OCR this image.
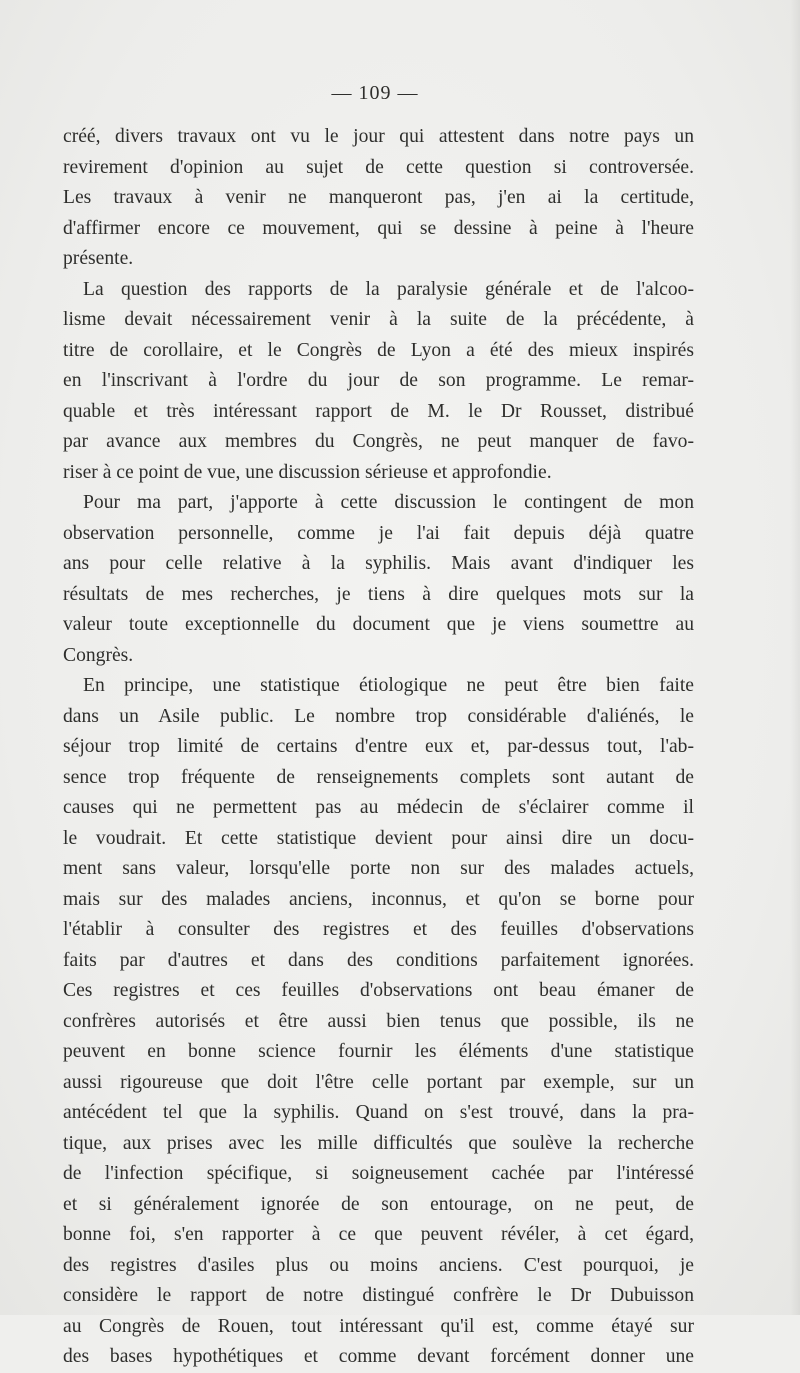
— 109 —
créé, divers travaux ont vu le jour qui attestent dans notre pays un
revirement d'opinion au sujet de cette question si controversée.
Les travaux à venir ne manqueront pas, j'en ai la certitude,
d'affirmer encore ce mouvement, qui se dessine à peine à l'heure
présente.
La question des rapports de la paralysie générale et de l'alcoo-
lisme devait nécessairement venir à la suite de la précédente, à
titre de corollaire, et le Congrès de Lyon a été des mieux inspirés
en l'inscrivant à l'ordre du jour de son programme. Le remar-
quable et très intéressant rapport de M. le Dr Rousset, distribué
par avance aux membres du Congrès, ne peut manquer de favo-
riser à ce point de vue, une discussion sérieuse et approfondie.
Pour ma part, j'apporte à cette discussion le contingent de mon
observation personnelle, comme je l'ai fait depuis déjà quatre
ans pour celle relative à la syphilis. Mais avant d'indiquer les
résultats de mes recherches, je tiens à dire quelques mots sur la
valeur toute exceptionnelle du document que je viens soumettre au
Congrès.
En principe, une statistique étiologique ne peut être bien faite
dans un Asile public. Le nombre trop considérable d'aliénés, le
séjour trop limité de certains d'entre eux et, par-dessus tout, l'ab-
sence trop fréquente de renseignements complets sont autant de
causes qui ne permettent pas au médecin de s'éclairer comme il
le voudrait. Et cette statistique devient pour ainsi dire un docu-
ment sans valeur, lorsqu'elle porte non sur des malades actuels,
mais sur des malades anciens, inconnus, et qu'on se borne pour
l'établir à consulter des registres et des feuilles d'observations
faits par d'autres et dans des conditions parfaitement ignorées.
Ces registres et ces feuilles d'observations ont beau émaner de
confrères autorisés et être aussi bien tenus que possible, ils ne
peuvent en bonne science fournir les éléments d'une statistique
aussi rigoureuse que doit l'être celle portant par exemple, sur un
antécédent tel que la syphilis. Quand on s'est trouvé, dans la pra-
tique, aux prises avec les mille difficultés que soulève la recherche
de l'infection spécifique, si soigneusement cachée par l'intéressé
et si généralement ignorée de son entourage, on ne peut, de
bonne foi, s'en rapporter à ce que peuvent révéler, à cet égard,
des registres d'asiles plus ou moins anciens. C'est pourquoi, je
considère le rapport de notre distingué confrère le Dr Dubuisson
au Congrès de Rouen, tout intéressant qu'il est, comme étayé sur
des bases hypothétiques et comme devant forcément donner une
